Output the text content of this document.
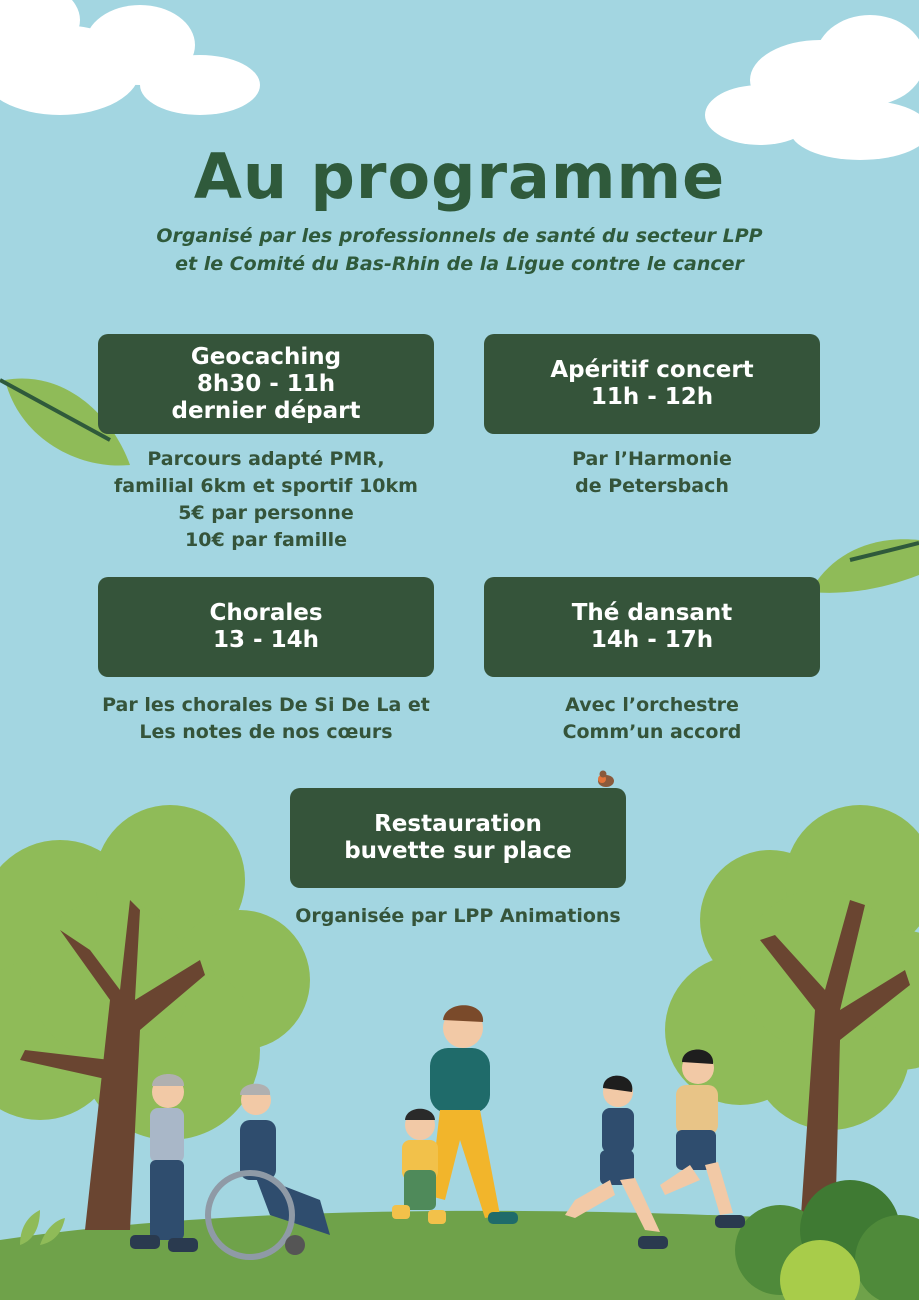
Au programme
Organisé par les professionnels de santé du secteur LPP
et le Comité du Bas-Rhin de la Ligue contre le cancer
Geocaching
8h30 - 11h
dernier départ
Parcours adapté PMR,
familial 6km et sportif 10km
5€ par personne
10€ par famille
Apéritif concert
11h - 12h
Par l’Harmonie
de Petersbach
Chorales
13 - 14h
Par les chorales De Si De La et
Les notes de nos cœurs
Thé dansant
14h - 17h
Avec l’orchestre
Comm’un accord
Restauration
buvette sur place
Organisée par LPP Animations
